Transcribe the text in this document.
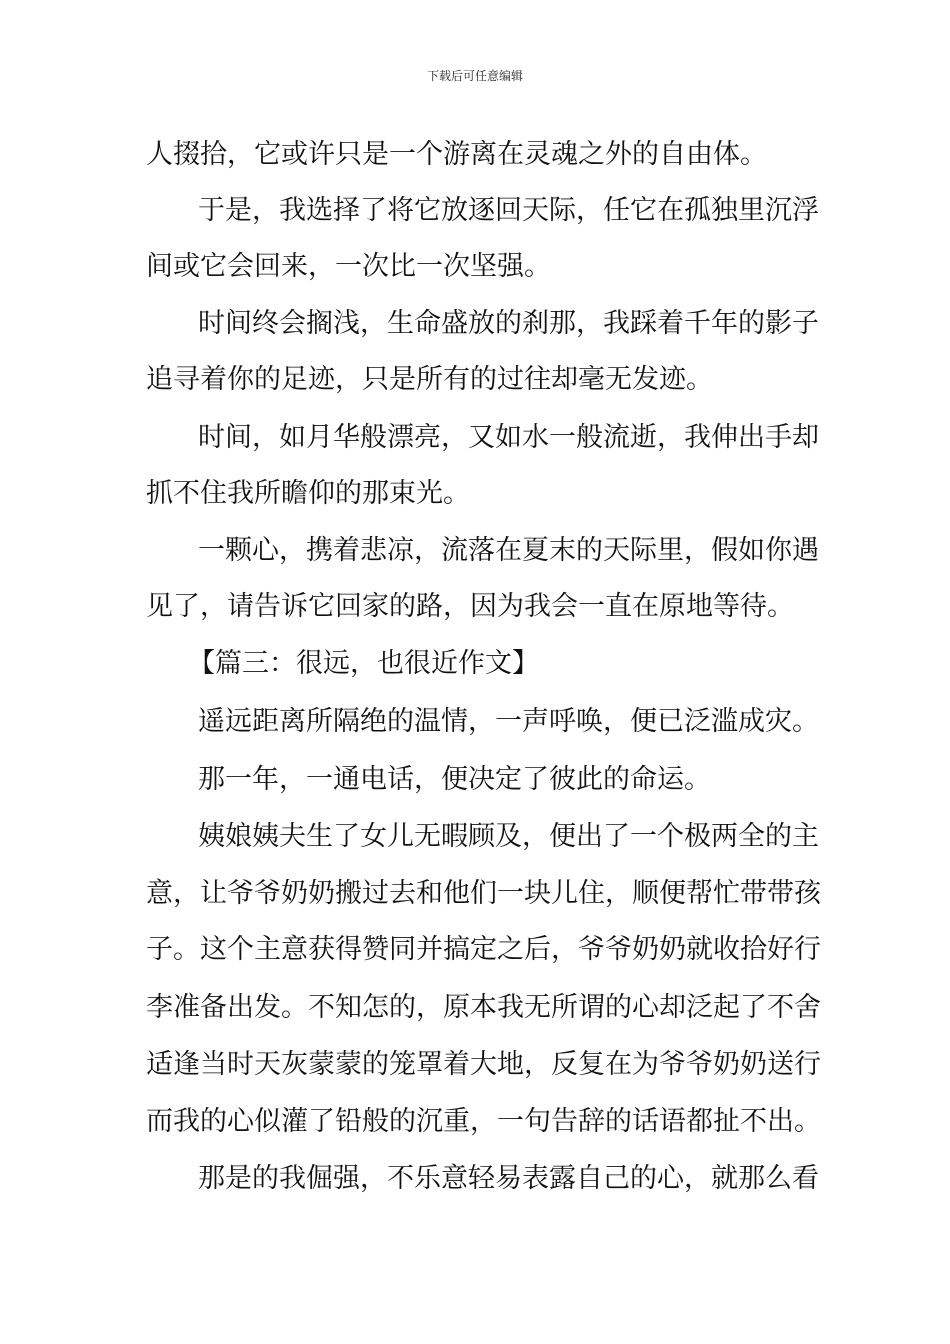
下载后可任意编辑
人掇拾，它或许只是一个游离在灵魂之外的自由体。
于是，我选择了将它放逐回天际，任它在孤独里沉浮
间或它会回来，一次比一次坚强。
时间终会搁浅，生命盛放的刹那，我踩着千年的影子
追寻着你的足迹，只是所有的过往却毫无发迹。
时间，如月华般漂亮，又如水一般流逝，我伸出手却
抓不住我所瞻仰的那束光。
一颗心，携着悲凉，流落在夏末的天际里，假如你遇
见了，请告诉它回家的路，因为我会一直在原地等待。
【篇三：很远，也很近作文】
遥远距离所隔绝的温情，一声呼唤，便已泛滥成灾。
那一年，一通电话，便决定了彼此的命运。
姨娘姨夫生了女儿无暇顾及，便出了一个极两全的主
意，让爷爷奶奶搬过去和他们一块儿住，顺便帮忙带带孩
子。这个主意获得赞同并搞定之后，爷爷奶奶就收拾好行
李准备出发。不知怎的，原本我无所谓的心却泛起了不舍
适逢当时天灰蒙蒙的笼罩着大地，反复在为爷爷奶奶送行
而我的心似灌了铅般的沉重，一句告辞的话语都扯不出。
那是的我倔强，不乐意轻易表露自己的心，就那么看
